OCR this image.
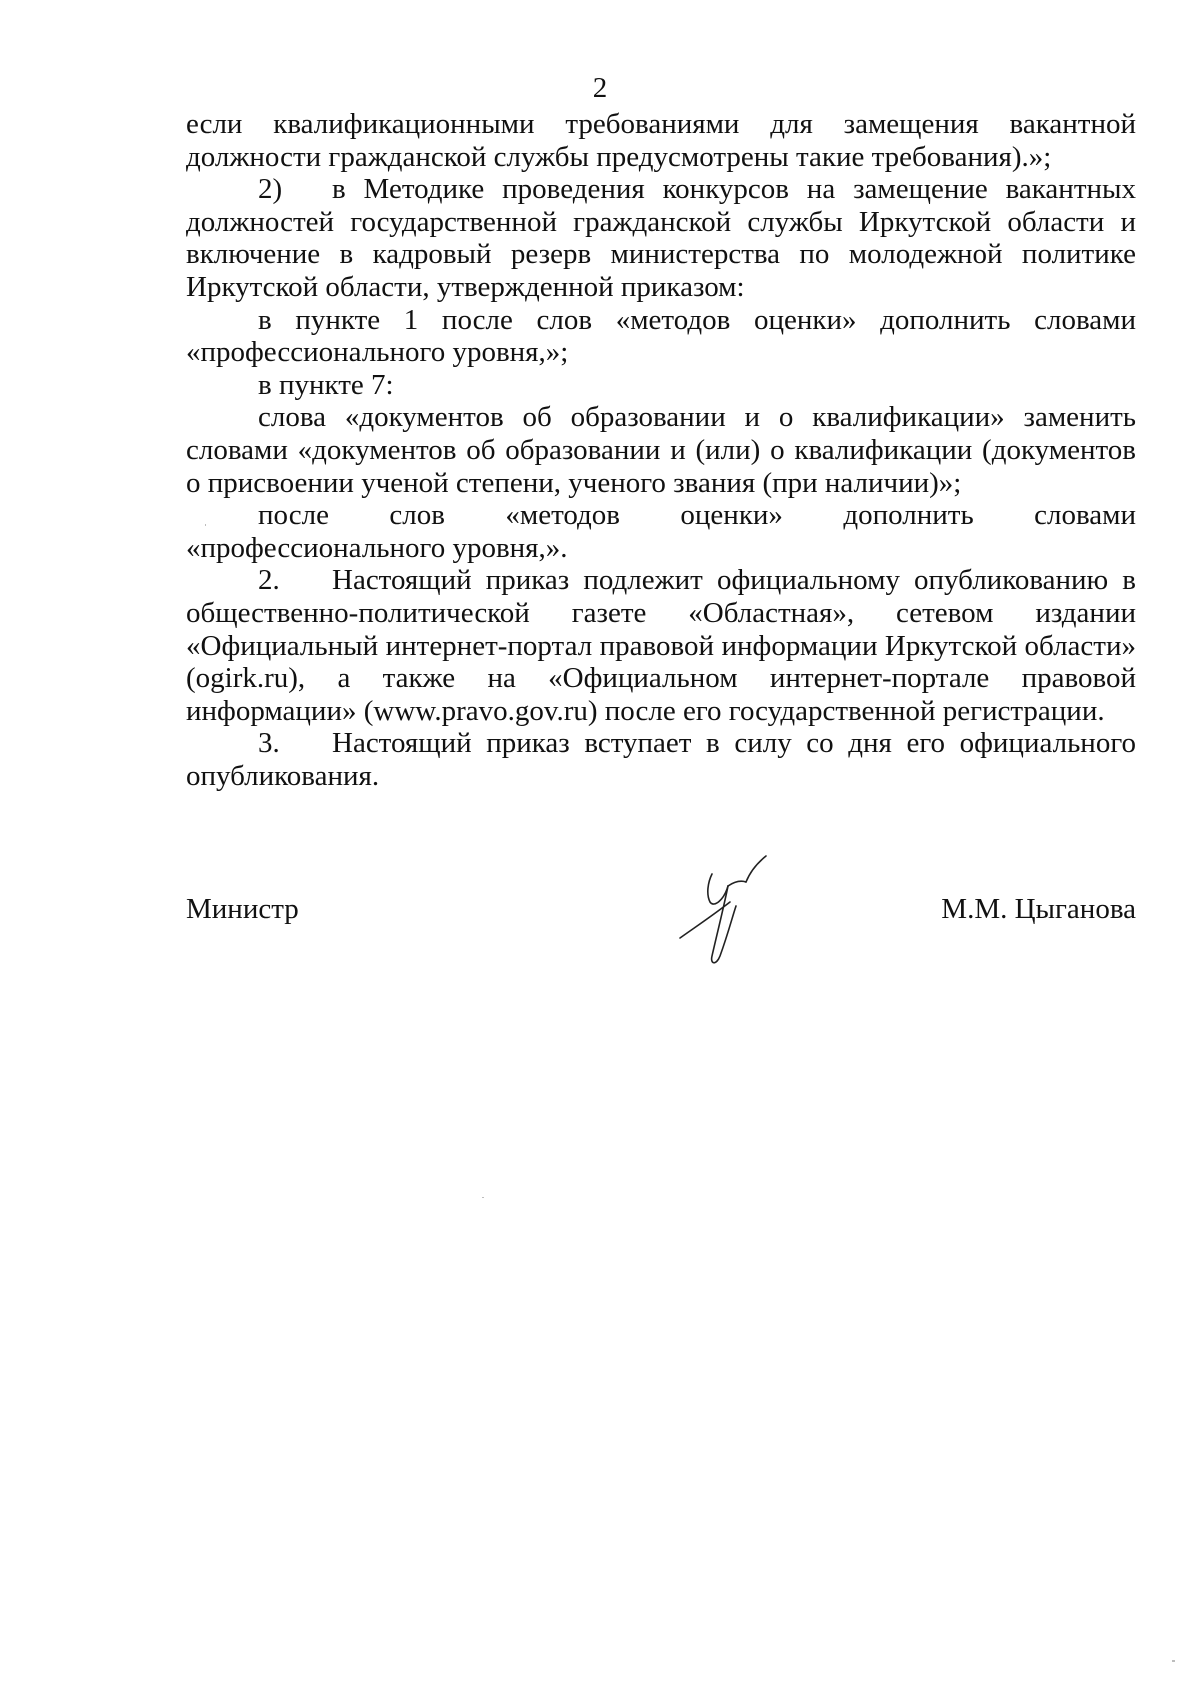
2

если квалификационными требованиями для замещения вакантной должности гражданской службы предусмотрены такие требования).»;

2) в Методике проведения конкурсов на замещение вакантных должностей государственной гражданской службы Иркутской области и включение в кадровый резерв министерства по молодежной политике Иркутской области, утвержденной приказом:

в пункте 1 после слов «методов оценки» дополнить словами «профессионального уровня,»;

в пункте 7:

слова «документов об образовании и о квалификации» заменить словами «документов об образовании и (или) о квалификации (документов о присвоении ученой степени, ученого звания (при наличии)»;

после слов «методов оценки» дополнить словами «профессионального уровня,».

2. Настоящий приказ подлежит официальному опубликованию в общественно-политической газете «Областная», сетевом издании «Официальный интернет-портал правовой информации Иркутской области» (ogirk.ru), а также на «Официальном интернет-портале правовой информации» (www.pravo.gov.ru) после его государственной регистрации.

3. Настоящий приказ вступает в силу со дня его официального опубликования.

Министр	М.М. Цыганова
